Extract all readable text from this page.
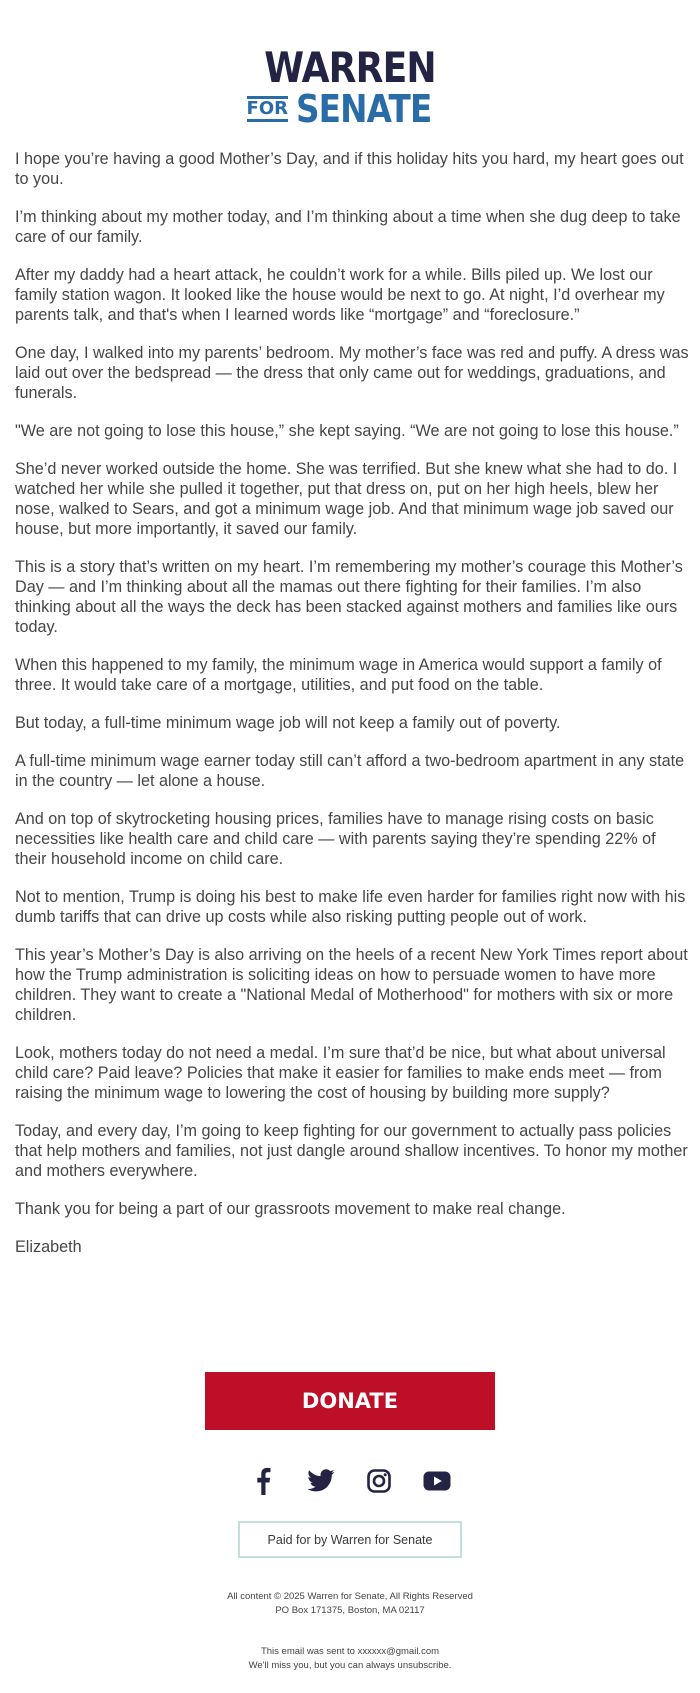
WARREN
FOR SENATE

I hope you’re having a good Mother’s Day, and if this holiday hits you hard, my heart goes out to you.

I’m thinking about my mother today, and I’m thinking about a time when she dug deep to take care of our family.

After my daddy had a heart attack, he couldn’t work for a while. Bills piled up. We lost our family station wagon. It looked like the house would be next to go. At night, I’d overhear my parents talk, and that's when I learned words like “mortgage” and “foreclosure.”

One day, I walked into my parents’ bedroom. My mother’s face was red and puffy. A dress was laid out over the bedspread — the dress that only came out for weddings, graduations, and funerals.

"We are not going to lose this house,” she kept saying. “We are not going to lose this house.”

She’d never worked outside the home. She was terrified. But she knew what she had to do. I watched her while she pulled it together, put that dress on, put on her high heels, blew her nose, walked to Sears, and got a minimum wage job. And that minimum wage job saved our house, but more importantly, it saved our family.

This is a story that’s written on my heart. I’m remembering my mother’s courage this Mother’s Day — and I’m thinking about all the mamas out there fighting for their families. I’m also thinking about all the ways the deck has been stacked against mothers and families like ours today.

When this happened to my family, the minimum wage in America would support a family of three. It would take care of a mortgage, utilities, and put food on the table.

But today, a full-time minimum wage job will not keep a family out of poverty.

A full-time minimum wage earner today still can’t afford a two-bedroom apartment in any state in the country — let alone a house.

And on top of skytrocketing housing prices, families have to manage rising costs on basic necessities like health care and child care — with parents saying they’re spending 22% of their household income on child care.

Not to mention, Trump is doing his best to make life even harder for families right now with his dumb tariffs that can drive up costs while also risking putting people out of work.

This year’s Mother’s Day is also arriving on the heels of a recent New York Times report about how the Trump administration is soliciting ideas on how to persuade women to have more children. They want to create a "National Medal of Motherhood" for mothers with six or more children.

Look, mothers today do not need a medal. I’m sure that’d be nice, but what about universal child care? Paid leave? Policies that make it easier for families to make ends meet — from raising the minimum wage to lowering the cost of housing by building more supply?

Today, and every day, I’m going to keep fighting for our government to actually pass policies that help mothers and families, not just dangle around shallow incentives. To honor my mother and mothers everywhere.

Thank you for being a part of our grassroots movement to make real change.

Elizabeth

DONATE
Paid for by Warren for Senate
All content © 2025 Warren for Senate, All Rights Reserved
PO Box 171375, Boston, MA 02117
This email was sent to xxxxxx@gmail.com
We'll miss you, but you can always unsubscribe.
